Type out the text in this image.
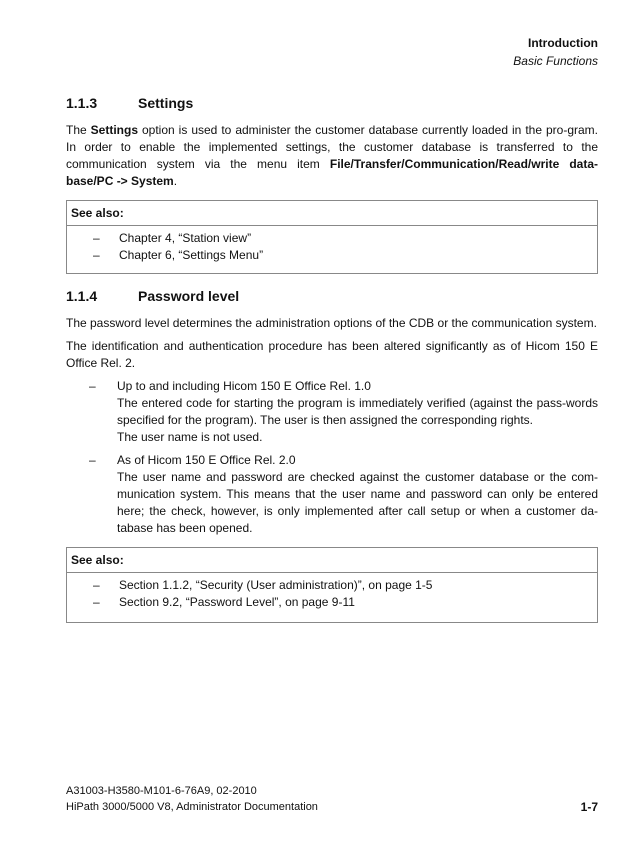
Introduction
Basic Functions
1.1.3	Settings

The Settings option is used to administer the customer database currently loaded in the pro-gram. In order to enable the implemented settings, the customer database is transferred to the communication system via the menu item File/Transfer/Communication/Read/write data-base/PC -> System.

See also:
–	Chapter 4, “Station view”
–	Chapter 6, “Settings Menu”
1.1.4	Password level

The password level determines the administration options of the CDB or the communication system.

The identification and authentication procedure has been altered significantly as of Hicom 150 E Office Rel. 2.

–	Up to and including Hicom 150 E Office Rel. 1.0
The entered code for starting the program is immediately verified (against the pass-words specified for the program). The user is then assigned the corresponding rights.
The user name is not used.
–	As of Hicom 150 E Office Rel. 2.0
The user name and password are checked against the customer database or the com-munication system. This means that the user name and password can only be entered here; the check, however, is only implemented after call setup or when a customer da-tabase has been opened.
See also:
–	Section 1.1.2, “Security (User administration)”, on page 1-5
–	Section 9.2, “Password Level”, on page 9-11
A31003-H3580-M101-6-76A9, 02-2010
HiPath 3000/5000 V8, Administrator Documentation	1-7
